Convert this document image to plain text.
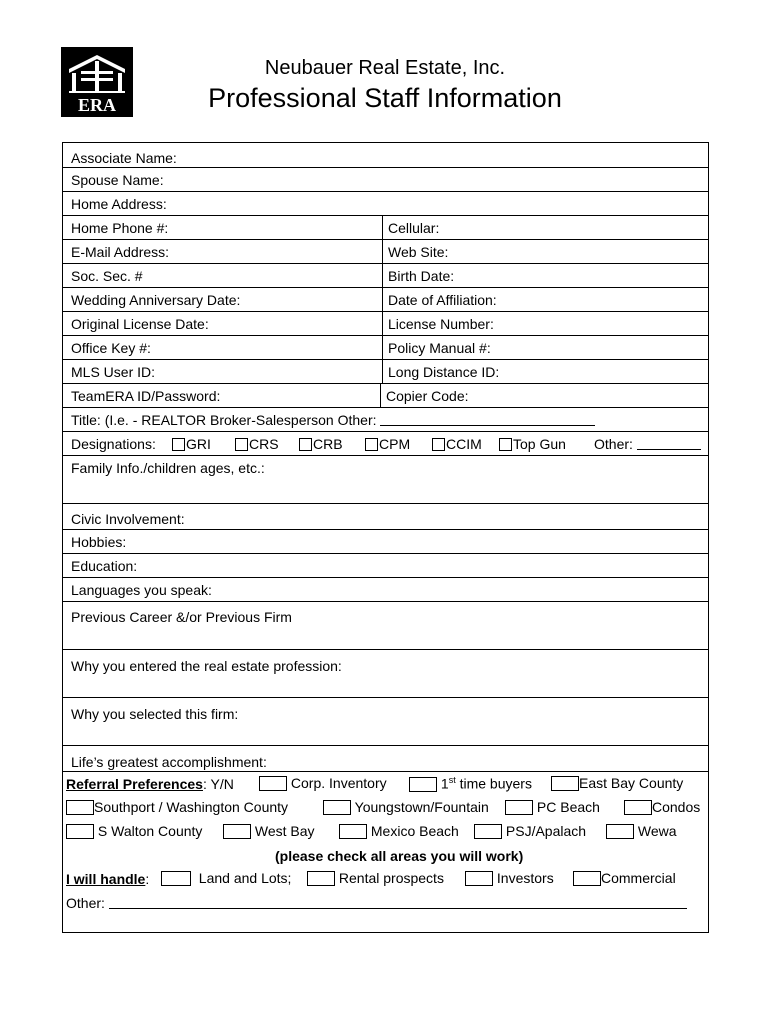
ERA
Neubauer Real Estate, Inc.
Professional Staff Information
Associate Name:
Spouse Name:
Home Address:
Home Phone #:	Cellular:
E-Mail Address:	Web Site:
Soc. Sec. #	Birth Date:
Wedding Anniversary Date:	Date of Affiliation:
Original License Date:	License Number:
Office Key #:	Policy Manual #:
MLS User ID:	Long Distance ID:
TeamERA ID/Password:	Copier Code:
Title: (I.e. - REALTOR Broker-Salesperson Other:
Designations:	GRI	CRS	CRB	CPM	CCIM	Top Gun Other:
Family Info./children ages, etc.:
Civic Involvement:
Hobbies:
Education:
Languages you speak:
Previous Career &/or Previous Firm
Why you entered the real estate profession:
Why you selected this firm:
Life’s greatest accomplishment:
Referral Preferences: Y/N	Corp. Inventory	1st time buyers	East Bay County
Southport / Washington County	Youngstown/Fountain	PC Beach	Condos
S Walton County	West Bay	Mexico Beach	PSJ/Apalach	Wewa
(please check all areas you will work)
I will handle:	Land and Lots;	Rental prospects	Investors	Commercial
Other:
